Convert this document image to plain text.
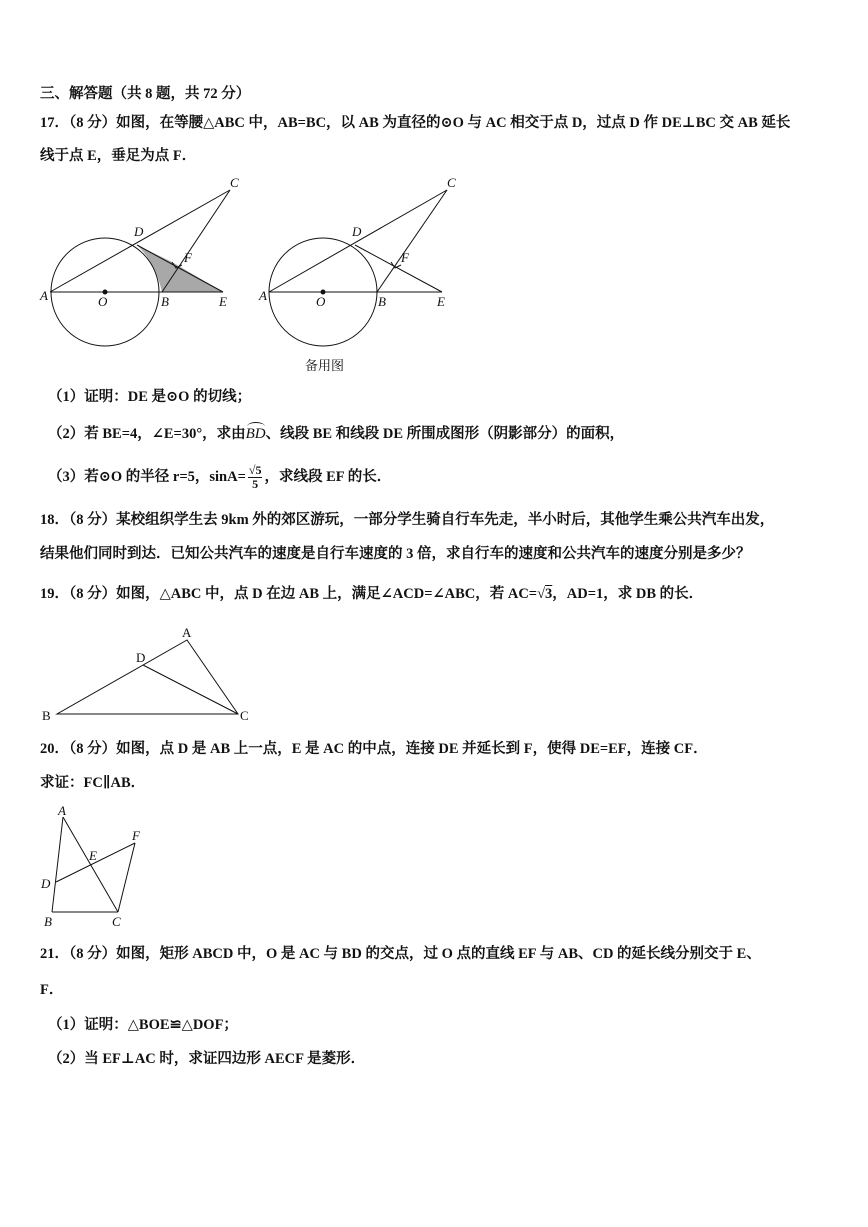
三、解答题（共 8 题，共 72 分）
17．（8 分）如图，在等腰△ABC 中，AB=BC，以 AB 为直径的⊙O 与 AC 相交于点 D，过点 D 作 DE⊥BC 交 AB 延长
线于点 E，垂足为点 F．
A	O	B	E
C
D
F
A	O	B	E
C
D
F
备用图
（1）证明：DE 是⊙O 的切线；
（2）若 BE=4，∠E=30°，求由BD、线段 BE 和线段 DE 所围成图形（阴影部分）的面积，
（3）若⊙O 的半径 r=5，$\sin A= \frac{√5}{5}$ ，求线段 EF 的长．
18．（8 分）某校组织学生去 9km 外的郊区游玩，一部分学生骑自行车先走，半小时后，其他学生乘公共汽车出发，
结果他们同时到达．已知公共汽车的速度是自行车速度的 3 倍，求自行车的速度和公共汽车的速度分别是多少？
19．（8 分）如图，△ABC 中，点 D 在边 AB 上，满足∠ACD=∠ABC，若 AC=√3，AD=1，求 DB 的长．
A
D
B	C
20．（8 分）如图，点 D 是 AB 上一点，E 是 AC 的中点，连接 DE 并延长到 F，使得 DE=EF，连接 CF．
求证：FC∥AB．
A
D
E
F
B	C
21．（8 分）如图，矩形 ABCD 中，O 是 AC 与 BD 的交点，过 O 点的直线 EF 与 AB、CD 的延长线分别交于 E、
F．
（1）证明：△BOE≌△DOF；
（2）当 EF⊥AC 时，求证四边形 AECF 是菱形．
